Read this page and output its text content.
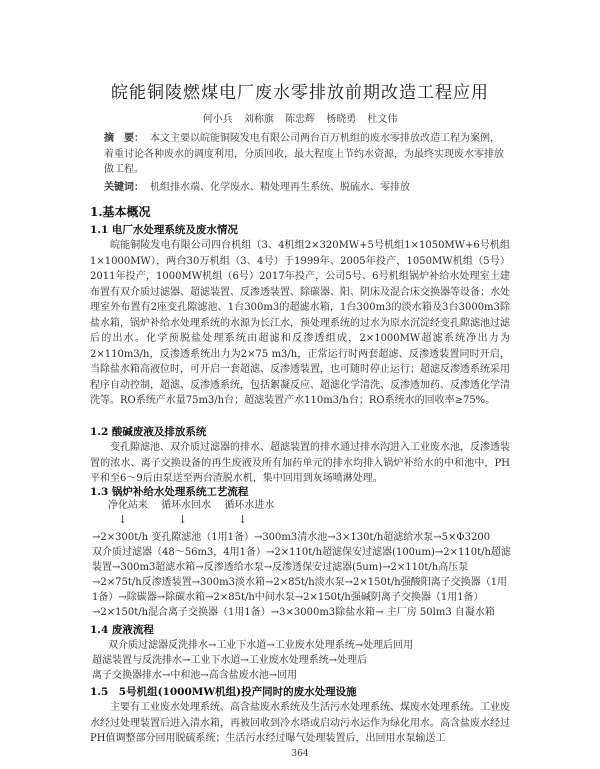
皖能铜陵燃煤电厂废水零排放前期改造工程应用
何小兵 刘称旗 陈忠辉 杨晓勇 杜文伟
摘　要： 本文主要以皖能铜陵发电有限公司两台百万机组的废水零排放改造工程为案例，着重讨论各种废水的调度利用，分质回收，最大程度上节约水资源，为最终实现废水零排放做工程。
关键词： 机组排水端、化学废水、精处理再生系统、脱硫水、零排放
1.基本概况
1.1 电厂水处理系统及废水情况
皖能铜陵发电有限公司四台机组（3、4机组2×320MW+5号机组1×1050MW+6号机组1×1000MW），两台30万机组（3、4号）于1999年、2005年投产，1050MW机组（5号）2011年投产，1000MW机组（6号）2017年投产，公司5号、6号机组锅炉补给水处理室土建布置有双介质过滤器、超滤装置、反渗透装置、除碳器、阳、阴床及混合床交换器等设备；水处理室外布置有2座变孔隙滤池、1台300m3的超滤水箱，1台300m3的淡水箱及3台3000m3除盐水箱，锅炉补给水处理系统的水源为长江水，预处理系统的过水为原水沉淀经变孔隙滤池过滤后的出水。化学预脱盐处理系统由超滤和反渗透组成，2×1000MW超滤系统净出力为2×110m3/h，反渗透系统出力为2×75 m3/h，正常运行时两套超滤、反渗透装置同时开启，当除盐水箱高液位时，可开启一套超滤、反渗透装置，也可随时停止运行；超滤反渗透系统采用程序自动控制，超滤、反渗透系统，包括絮凝反应、超滤化学清洗、反渗透加药、反渗透化学清洗等。RO系统产水量75m3/h台；超滤装置产水110m3/h台；RO系统水的回收率≥75%。
1.2 酸碱废液及排放系统
变孔隙滤池、双介质过滤器的排水、超滤装置的排水通过排水沟进入工业废水池，反渗透装置的浓水、离子交换设备的再生废液及所有加药单元的排水均排入锅炉补给水的中和池中，PH平和至6～9后由泵送至两台渣脱水机，集中回用到灰场喷淋处理。
1.3 锅炉补给水处理系统工艺流程
净化站来　 循环水回水　 循环水进水
↓	↓	↓
→2×300t/h 变孔隙滤池（1用1备）→300m3清水池→3×130t/h超滤给水泵→5×Φ3200
双介质过滤器（48～56m3，4用1备）→2×110t/h超滤保安过滤器(100um)→2×110t/h超滤
装置→300m3超滤水箱→反渗透给水泵→反渗透保安过滤器(5um)→2×110t/h高压泵
→2×75t/h反渗透装置→300m3淡水箱→2×85t/h淡水泵→2×150t/h强酸阳离子交换器（1用
1备）→除碳器→除碳水箱→2×85t/h中间水泵→2×150t/h强碱阴离子交换器（1用1备）
→2×150t/h混合离子交换器（1用1备）→3×3000m3除盐水箱→ 主厂房 50lm3 自凝水箱
1.4 废液流程
双介质过滤器反洗排水→工业下水道→工业废水处理系统→处理后回用
超滤装置与反洗排水→工业下水道→工业废水处理系统→处理后
离子交换器排水→中和池→高含盐废水池→回用
1.5　5号机组(1000MW机组)投产同时的废水处理设施
主要有工业废水处理系统、高含盐废水系统及生活污水处理系统、煤废水处理系统。工业废水经过处理装置后进入清水箱，再被回收到冷水塔或启动污水运作为绿化用水。高含盐废水经过PH值调整部分回用脱硫系统；生活污水经过曝气处理装置后，出回用水泵输送工
364
